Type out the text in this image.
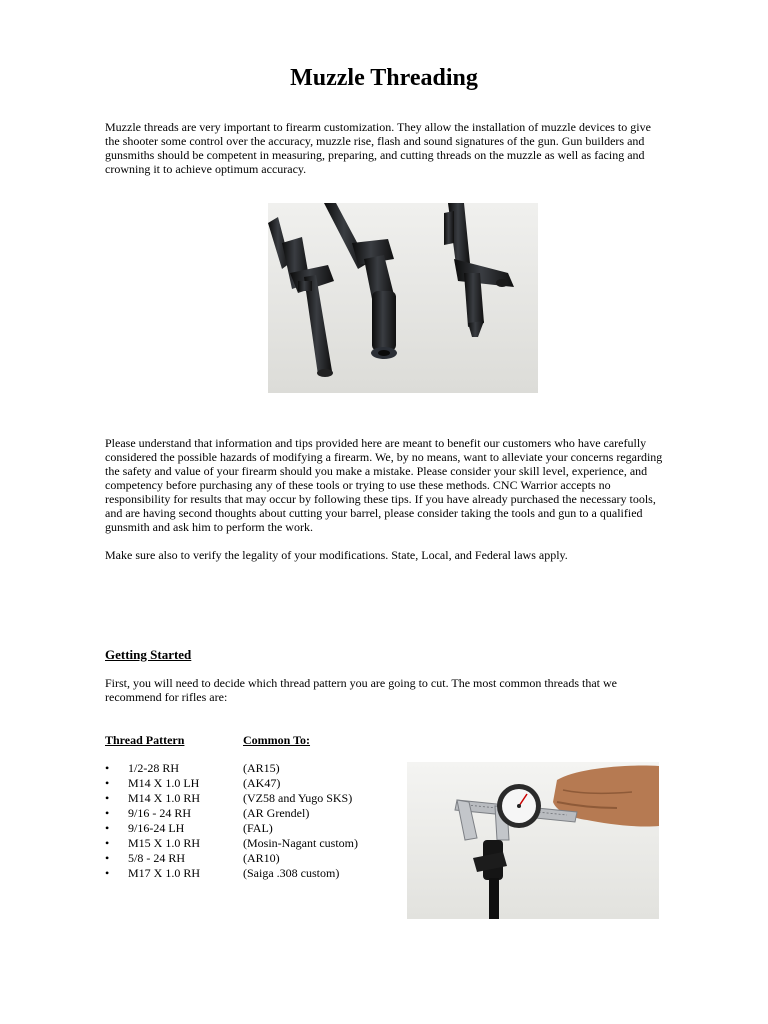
Muzzle Threading

Muzzle threads are very important to firearm customization. They allow the installation of muzzle devices to give the shooter some control over the accuracy, muzzle rise, flash and sound signatures of the gun. Gun builders and gunsmiths should be competent in measuring, preparing, and cutting threads on the muzzle as well as facing and crowning it to achieve optimum accuracy.

Please understand that information and tips provided here are meant to benefit our customers who have carefully considered the possible hazards of modifying a firearm. We, by no means, want to alleviate your concerns regarding the safety and value of your firearm should you make a mistake. Please consider your skill level, experience, and competency before purchasing any of these tools or trying to use these methods. CNC Warrior accepts no responsibility for results that may occur by following these tips. If you have already purchased the necessary tools, and are having second thoughts about cutting your barrel, please consider taking the tools and gun to a qualified gunsmith and ask him to perform the work.

Make sure also to verify the legality of your modifications. State, Local, and Federal laws apply.

Getting Started

First, you will need to decide which thread pattern you are going to cut. The most common threads that we recommend for rifles are:

Thread Pattern	Common To:
• 1/2-28 RH	(AR15)
• M14 X 1.0 LH	(AK47)
• M14 X 1.0 RH	(VZ58 and Yugo SKS)
• 9/16 - 24 RH	(AR Grendel)
• 9/16-24 LH	(FAL)
• M15 X 1.0 RH	(Mosin-Nagant custom)
• 5/8 - 24 RH	(AR10)
• M17 X 1.0 RH	(Saiga .308 custom)
